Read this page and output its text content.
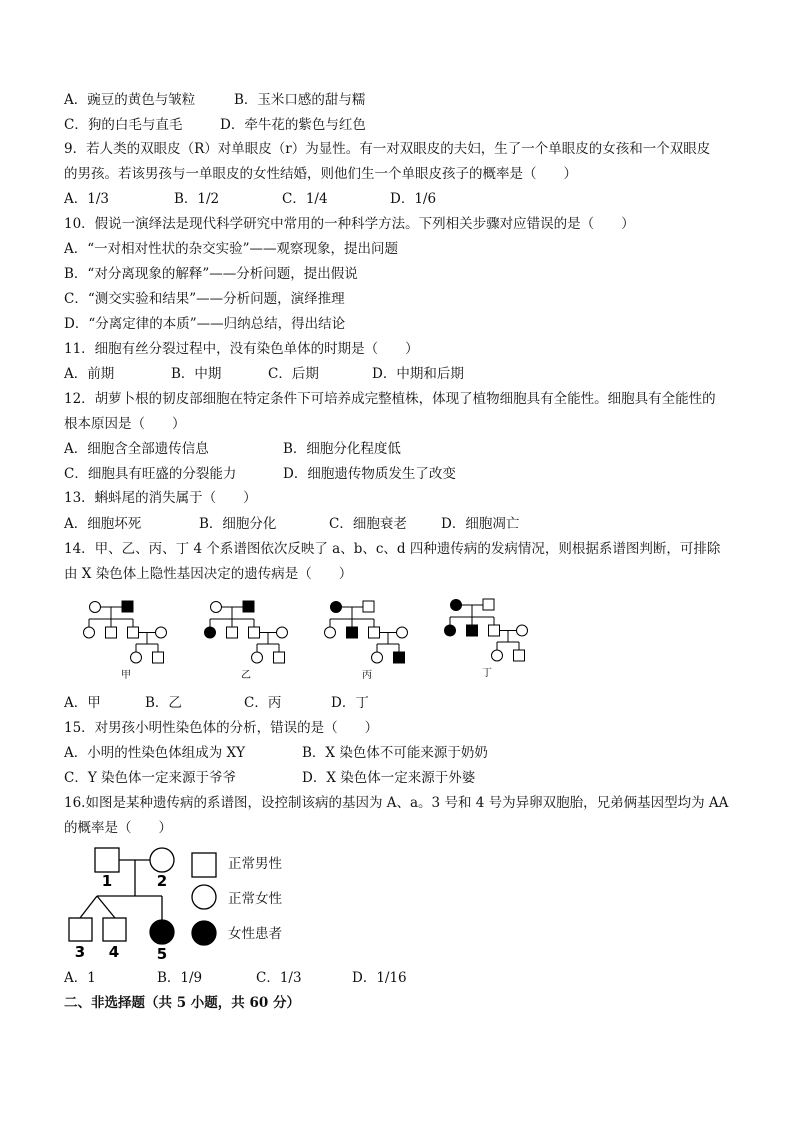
A．豌豆的黄色与皱粒	B．玉米口感的甜与糯
C．狗的白毛与直毛	D．牵牛花的紫色与红色
9．若人类的双眼皮（R）对单眼皮（r）为显性。有一对双眼皮的夫妇，生了一个单眼皮的女孩和一个双眼皮
的男孩。若该男孩与一单眼皮的女性结婚，则他们生一个单眼皮孩子的概率是（　　）
A．1/3	B．1/2	C．1/4	D．1/6
10．假说一演绎法是现代科学研究中常用的一种科学方法。下列相关步骤对应错误的是（　　）
A．“一对相对性状的杂交实验”——观察现象，提出问题
B．“对分离现象的解释”——分析问题，提出假说
C．“测交实验和结果”——分析问题，演绎推理
D．“分离定律的本质”——归纳总结，得出结论
11．细胞有丝分裂过程中，没有染色单体的时期是（　　）
A．前期	B．中期	C．后期	D．中期和后期
12．胡萝卜根的韧皮部细胞在特定条件下可培养成完整植株，体现了植物细胞具有全能性。细胞具有全能性的
根本原因是（　　）
A．细胞含全部遗传信息	B．细胞分化程度低
C．细胞具有旺盛的分裂能力	D．细胞遗传物质发生了改变
13．蝌蚪尾的消失属于（　　）
A．细胞坏死	B．细胞分化	C．细胞衰老	D．细胞凋亡
14．甲、乙、丙、丁 4 个系谱图依次反映了 a、b、c、d 四种遗传病的发病情况，则根据系谱图判断，可排除
由 X 染色体上隐性基因决定的遗传病是（　　）
甲	乙	丙	丁
A．甲	B．乙	C．丙	D．丁
15．对男孩小明性染色体的分析，错误的是（　　）
A．小明的性染色体组成为 XY	B．X 染色体不可能来源于奶奶
C．Y 染色体一定来源于爷爷	D．X 染色体一定来源于外婆
16.如图是某种遗传病的系谱图，设控制该病的基因为 A、a。3 号和 4 号为异卵双胞胎，兄弟俩基因型均为 AA
的概率是（　　）
1	2
3 4	5
正常男性
正常女性
女性患者
A．1	B．1/9	C．1/3	D．1/16
二、非选择题（共 5 小题，共 60 分）
